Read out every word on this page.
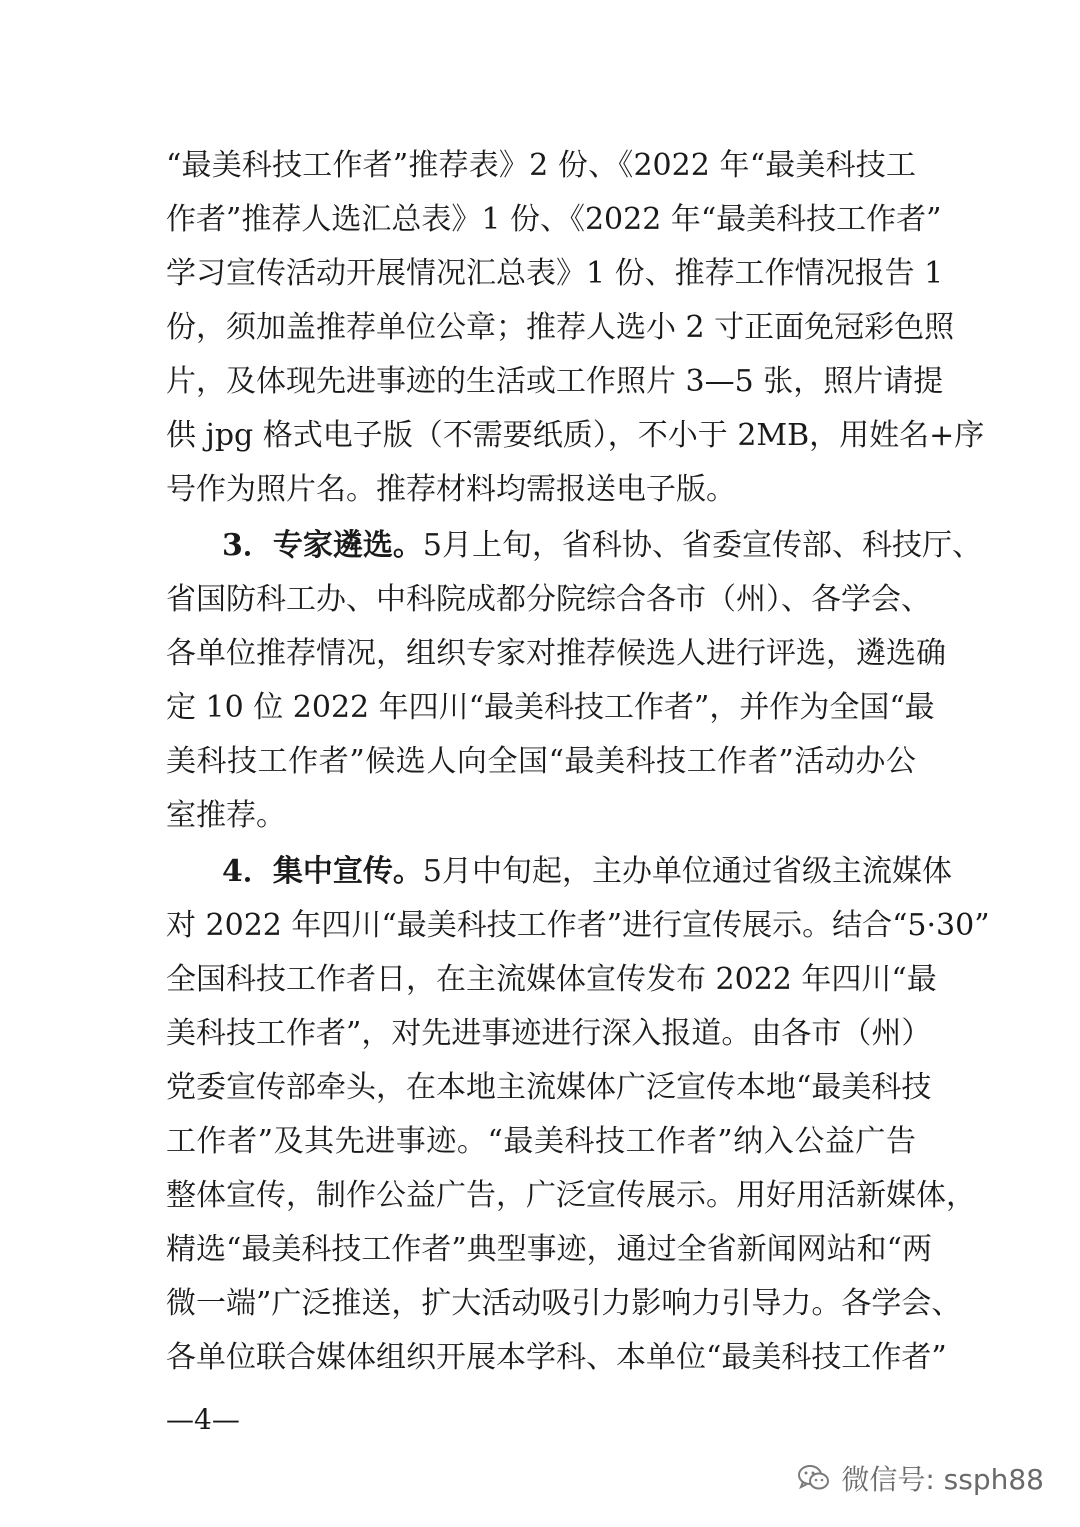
“最美科技工作者”推荐表》2 份、《2022 年“最美科技工
作者”推荐人选汇总表》1 份、《2022 年“最美科技工作者”
学习宣传活动开展情况汇总表》1 份、推荐工作情况报告 1
份，须加盖推荐单位公章；推荐人选小 2 寸正面免冠彩色照
片，及体现先进事迹的生活或工作照片 3—5 张，照片请提
供 jpg 格式电子版（不需要纸质），不小于 2MB，用姓名+序
号作为照片名。推荐材料均需报送电子版。
3．专家遴选。5月上旬，省科协、省委宣传部、科技厅、
省国防科工办、中科院成都分院综合各市（州）、各学会、
各单位推荐情况，组织专家对推荐候选人进行评选，遴选确
定 10 位 2022 年四川“最美科技工作者”，并作为全国“最
美科技工作者”候选人向全国“最美科技工作者”活动办公
室推荐。
4．集中宣传。5月中旬起，主办单位通过省级主流媒体
对 2022 年四川“最美科技工作者”进行宣传展示。结合“5·30”
全国科技工作者日，在主流媒体宣传发布 2022 年四川“最
美科技工作者”，对先进事迹进行深入报道。由各市（州）
党委宣传部牵头，在本地主流媒体广泛宣传本地“最美科技
工作者”及其先进事迹。“最美科技工作者”纳入公益广告
整体宣传，制作公益广告，广泛宣传展示。用好用活新媒体，
精选“最美科技工作者”典型事迹，通过全省新闻网站和“两
微一端”广泛推送，扩大活动吸引力影响力引导力。各学会、
各单位联合媒体组织开展本学科、本单位“最美科技工作者”
—4—
微信号: ssph88
